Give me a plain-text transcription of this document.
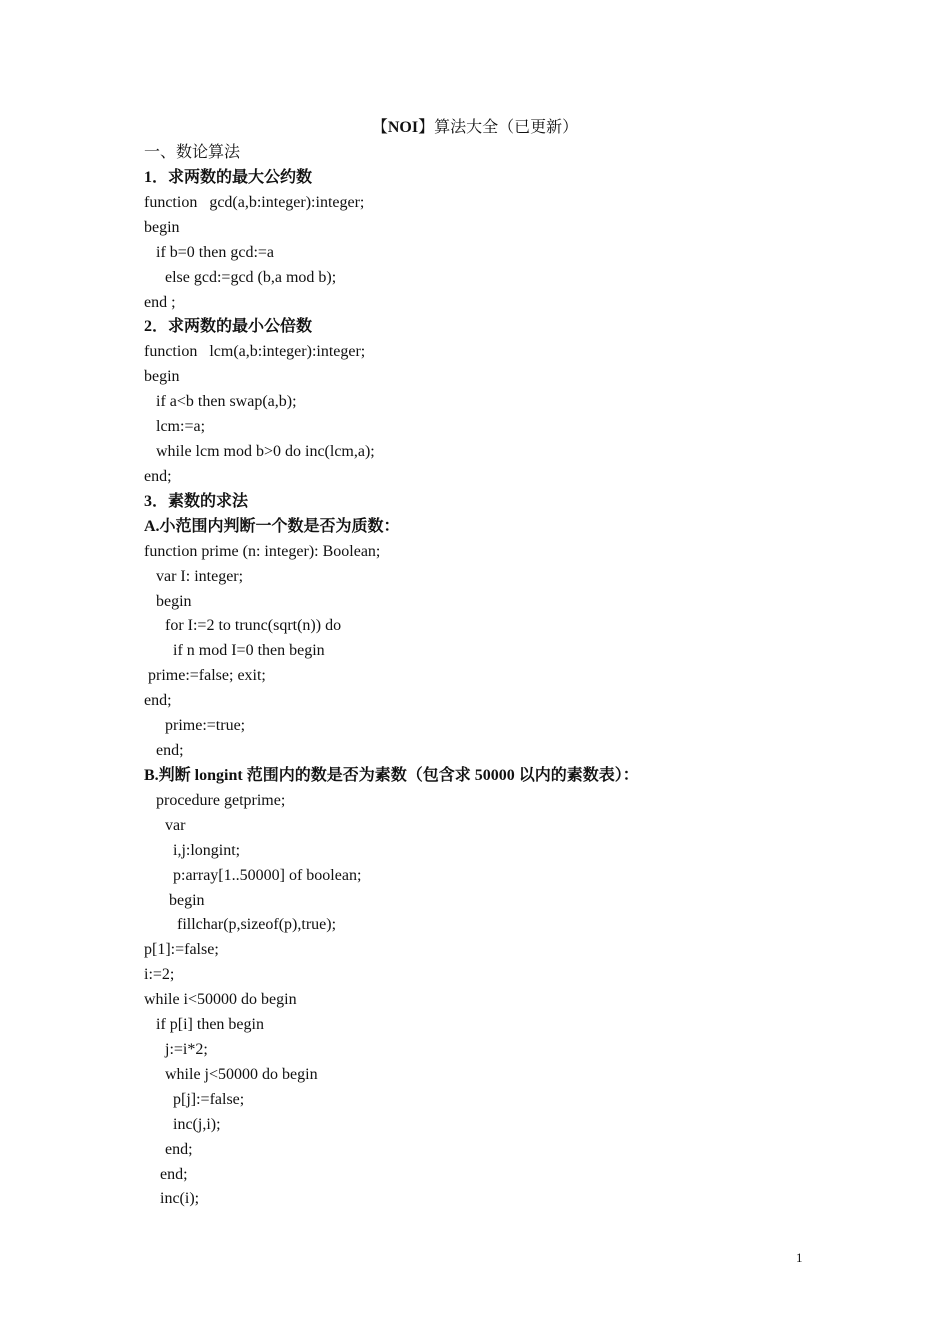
【NOI】算法大全（已更新）
一、数论算法
1．求两数的最大公约数
function   gcd(a,b:integer):integer;
begin
if b=0 then gcd:=a
else gcd:=gcd (b,a mod b);
end ;
2．求两数的最小公倍数
function   lcm(a,b:integer):integer;
begin
if a<b then swap(a,b);
lcm:=a;
while lcm mod b>0 do inc(lcm,a);
end;
3．素数的求法
A.小范围内判断一个数是否为质数：
function prime (n: integer): Boolean;
var I: integer;
begin
for I:=2 to trunc(sqrt(n)) do
if n mod I=0 then begin
prime:=false; exit;
end;
prime:=true;
end;
B.判断 longint 范围内的数是否为素数（包含求 50000 以内的素数表）：
procedure getprime;
var
i,j:longint;
p:array[1..50000] of boolean;
begin
fillchar(p,sizeof(p),true);
p[1]:=false;
i:=2;
while i<50000 do begin
if p[i] then begin
j:=i*2;
while j<50000 do begin
p[j]:=false;
inc(j,i);
end;
end;
inc(i);
1
